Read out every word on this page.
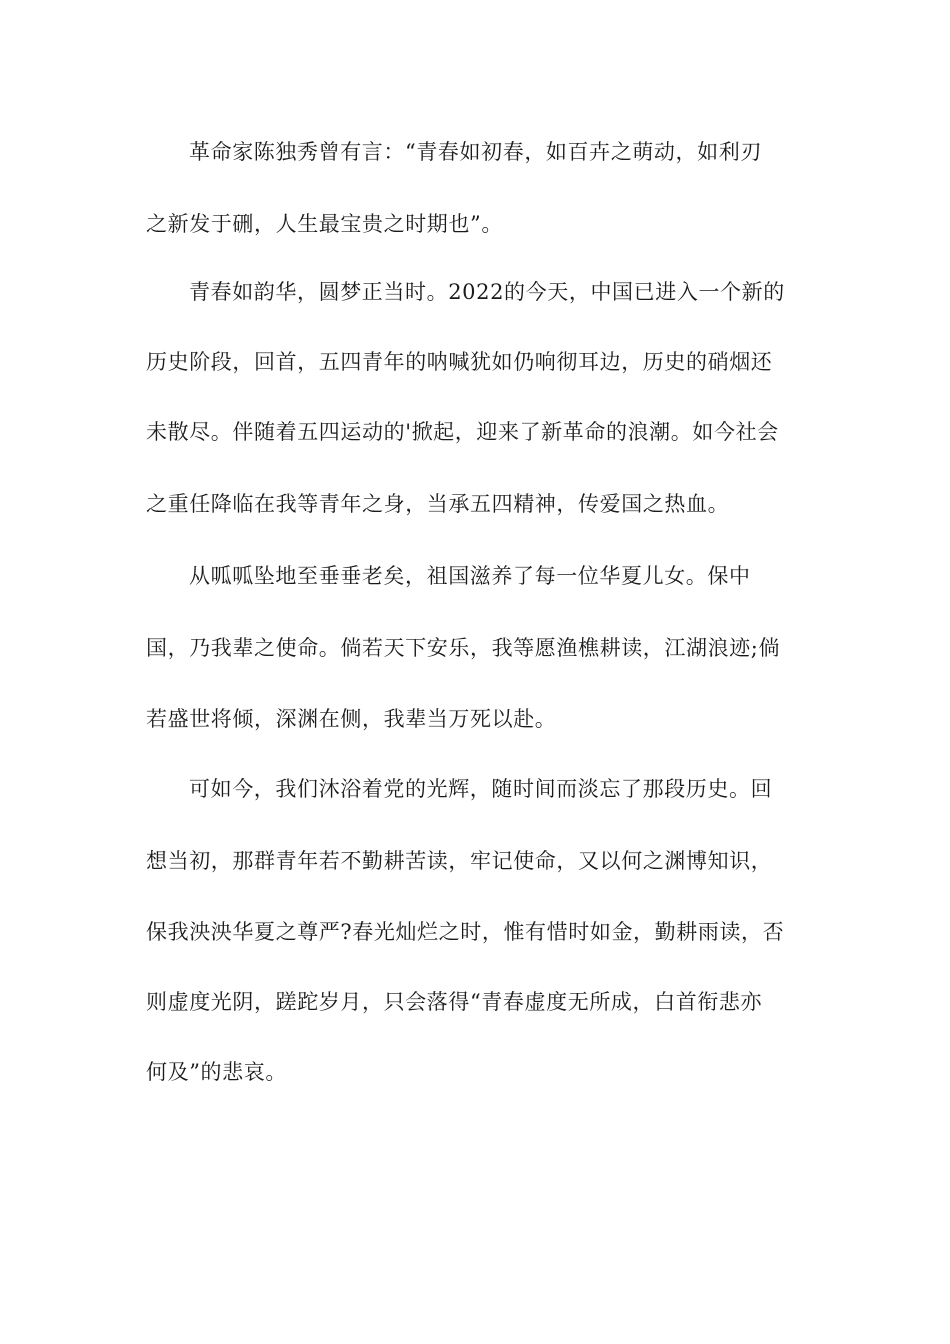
革命家陈独秀曾有言：“青春如初春，如百卉之萌动，如利刃
之新发于硎，人生最宝贵之时期也”。
青春如韵华，圆梦正当时。2022的今天，中国已进入一个新的
历史阶段，回首，五四青年的呐喊犹如仍响彻耳边，历史的硝烟还
未散尽。伴随着五四运动的'掀起，迎来了新革命的浪潮。如今社会
之重任降临在我等青年之身，当承五四精神，传爱国之热血。
从呱呱坠地至垂垂老矣，祖国滋养了每一位华夏儿女。保中
国，乃我辈之使命。倘若天下安乐，我等愿渔樵耕读，江湖浪迹;倘
若盛世将倾，深渊在侧，我辈当万死以赴。
可如今，我们沐浴着党的光辉，随时间而淡忘了那段历史。回
想当初，那群青年若不勤耕苦读，牢记使命，又以何之渊博知识，
保我泱泱华夏之尊严?春光灿烂之时，惟有惜时如金，勤耕雨读，否
则虚度光阴，蹉跎岁月，只会落得“青春虚度无所成，白首衔悲亦
何及”的悲哀。
